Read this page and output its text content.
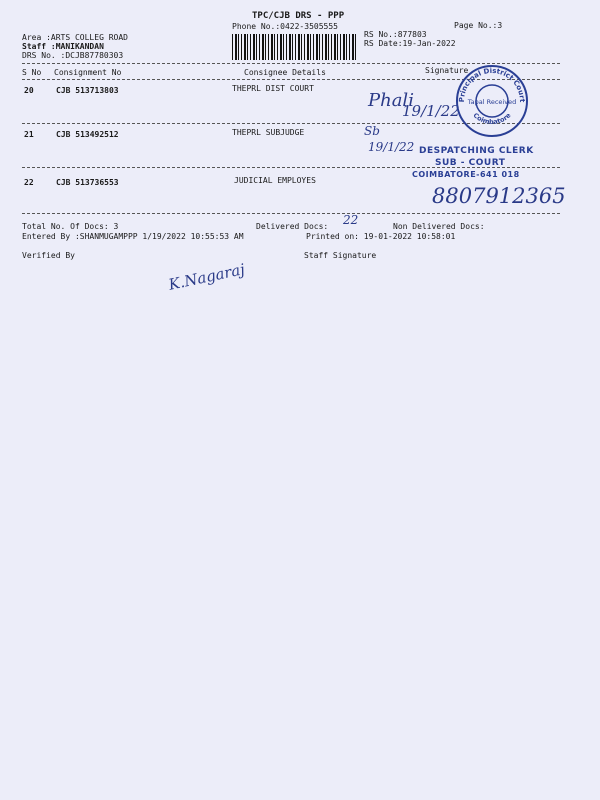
TPC/CJB DRS - PPP
Phone No.:0422-3505555	Page No.:3
Area :ARTS COLLEG ROAD
Staff :MANIKANDAN
DRS No. :DCJB87780303
RS No.:877803
RS Date:19-Jan-2022
S No Consignment No	Consignee Details	Signature
20	CJB 513713803	THEPRL DIST COURT
21	CJB 513492512	THEPRL SUBJUDGE
22	CJB 513736553	JUDICIAL EMPLOYES
Total No. Of Docs: 3	Delivered Docs:	Non Delivered Docs:
Entered By :SHANMUGAMPPP 1/19/2022 10:55:53 AM	Printed on: 19-01-2022 10:58:01
Verified By	Staff Signature
22
Phali
19/1/22
Sb
19/1/22
8807912365
K.Nagaraj
Principal District Court
Coimbatore
Tapal Received
DESPATCHING CLERK
SUB - COURT
COIMBATORE-641 018
